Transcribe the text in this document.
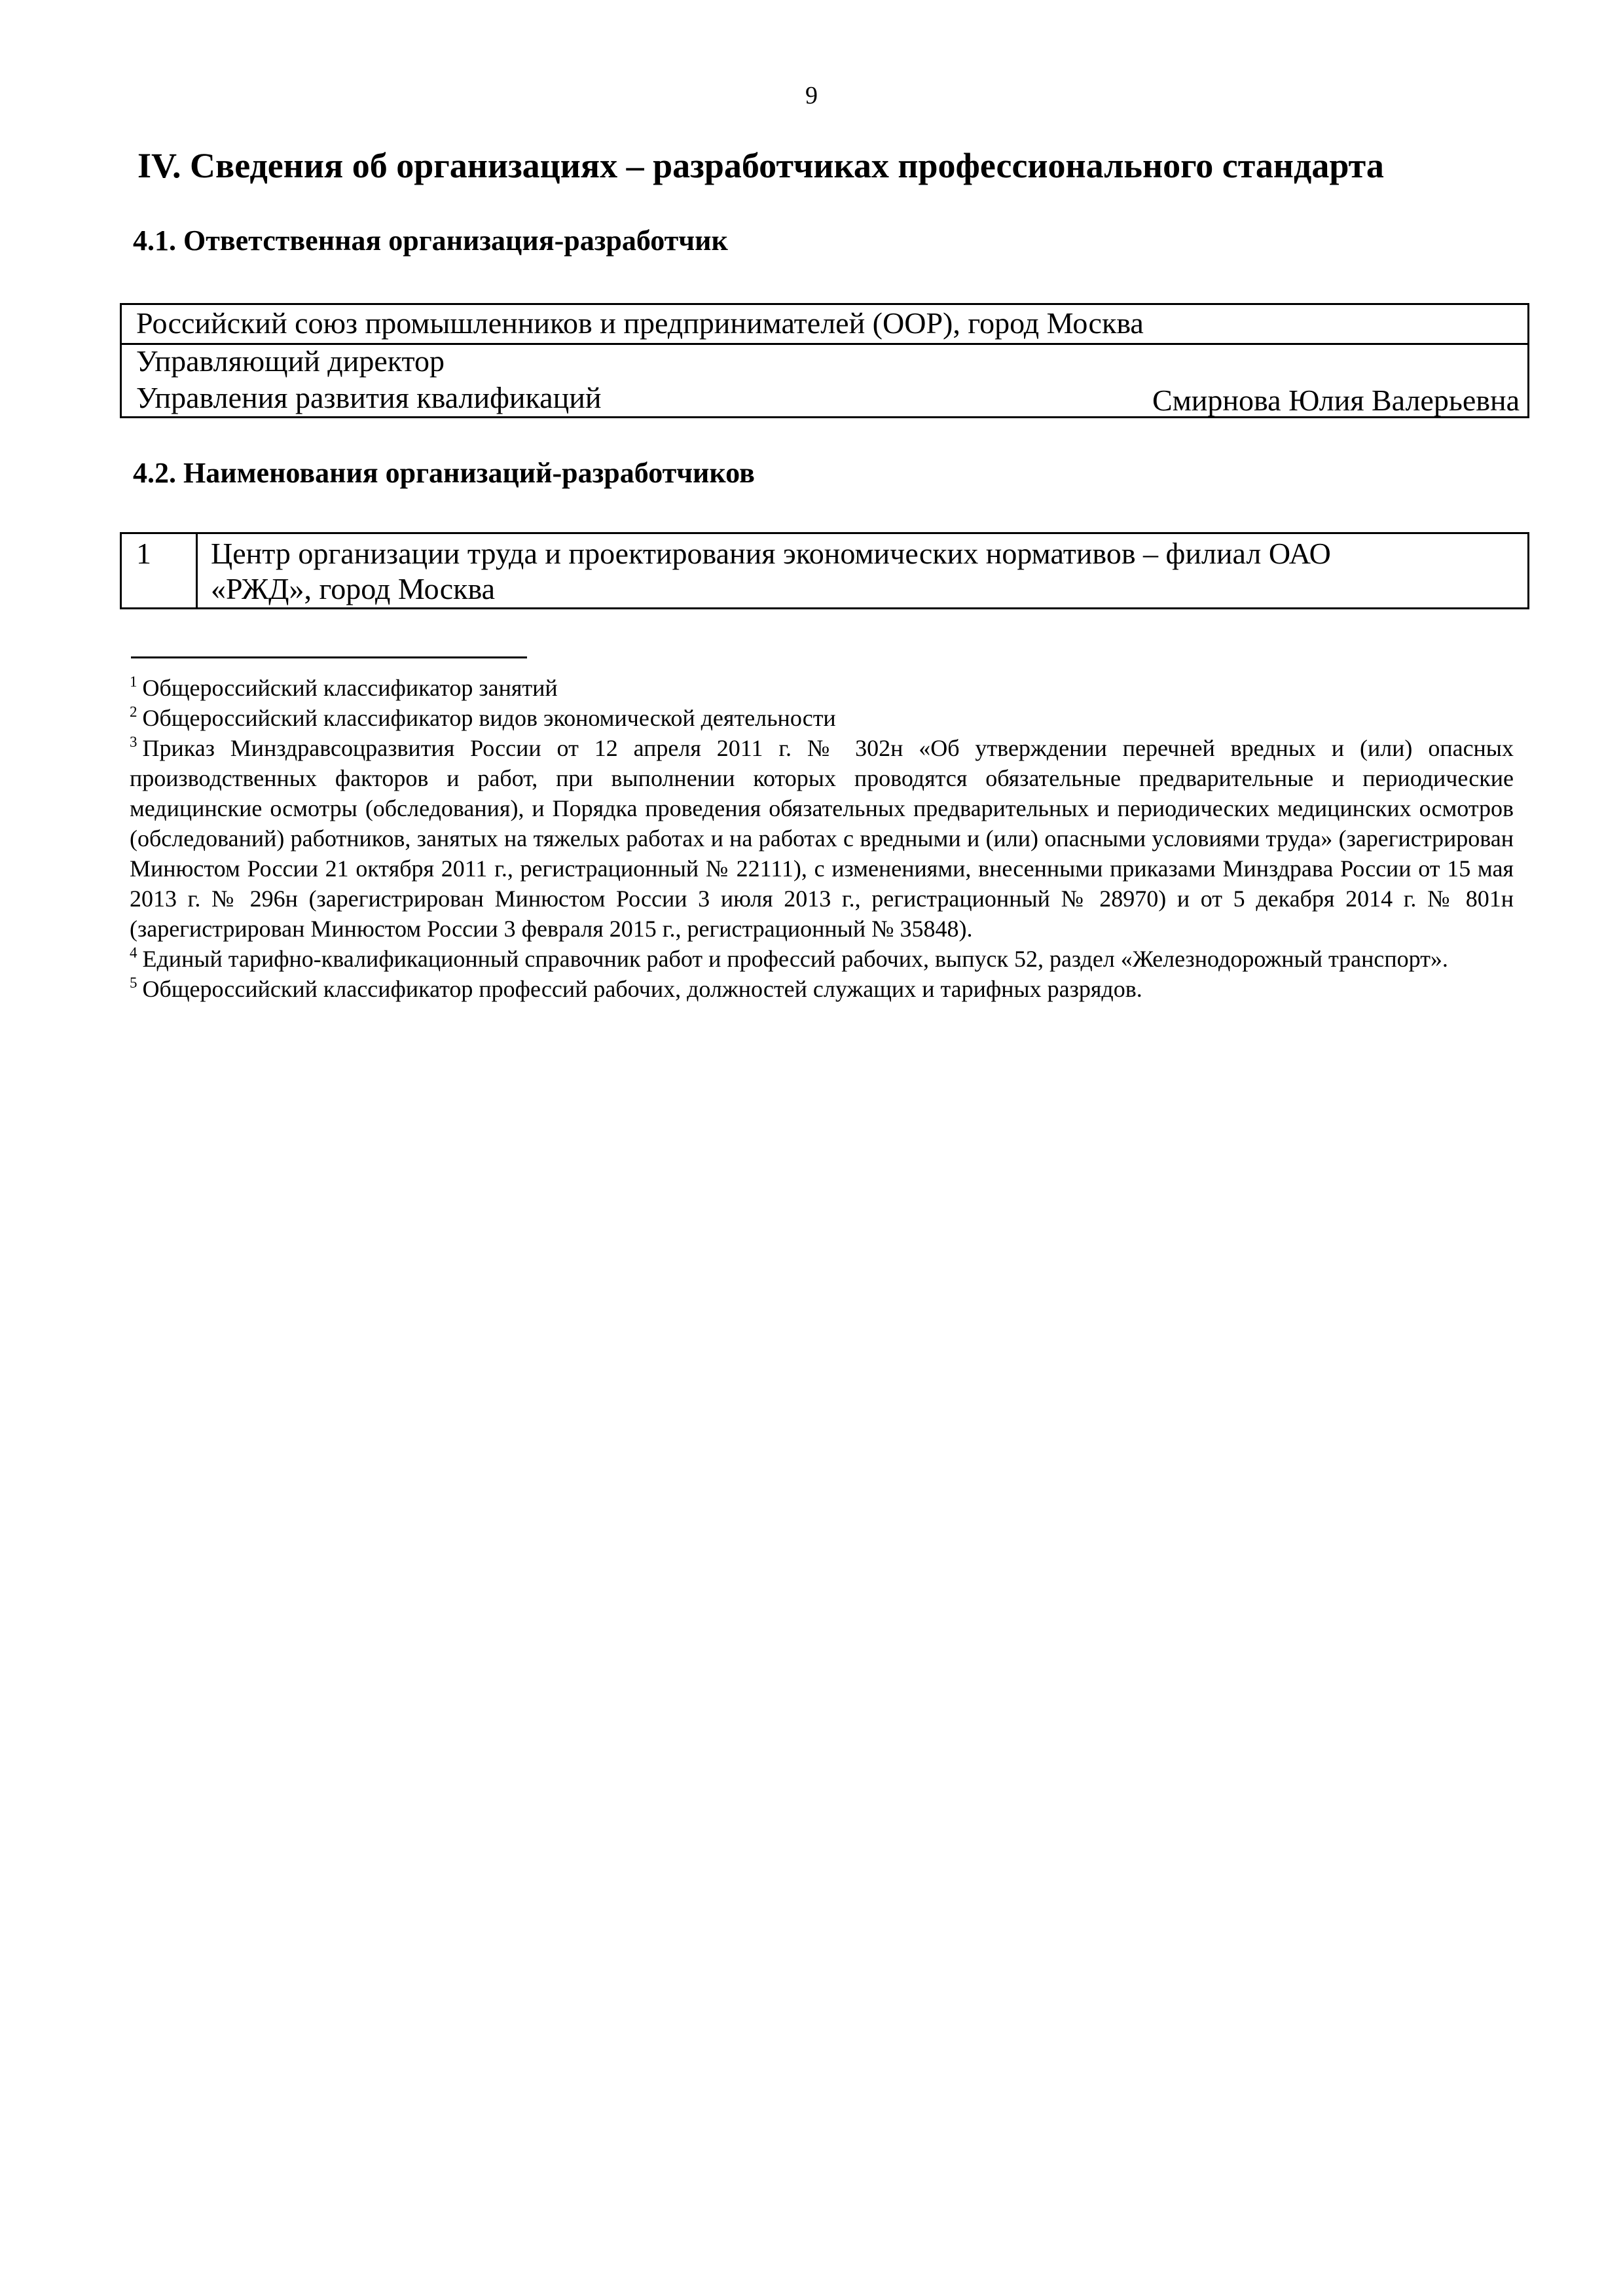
9
IV. Сведения об организациях – разработчиках профессионального стандарта
4.1. Ответственная организация-разработчик
Российский союз промышленников и предпринимателей (ООР), город Москва
Управляющий директор
Управления развития квалификаций	Смирнова Юлия Валерьевна
4.2. Наименования организаций-разработчиков
1 Центр организации труда и проектирования экономических нормативов – филиал ОАО
«РЖД», город Москва

$^1$ Общероссийский классификатор занятий

$^2$ Общероссийский классификатор видов экономической деятельности

$^3$ Приказ Минздравсоцразвития России от 12 апреля 2011 г. № 302н «Об утверждении перечней вредных и (или) опасных производственных факторов и работ, при выполнении которых проводятся обязательные предварительные и периодические медицинские осмотры (обследования), и Порядка проведения обязательных предварительных и периодических медицинских осмотров (обследований) работников, занятых на тяжелых работах и на работах с вредными и (или) опасными условиями труда» (зарегистрирован Минюстом России 21 октября 2011 г., регистрационный № 22111), с изменениями, внесенными приказами Минздрава России от 15 мая 2013 г. № 296н (зарегистрирован Минюстом России 3 июля 2013 г., регистрационный № 28970) и от 5 декабря 2014 г. № 801н (зарегистрирован Минюстом России 3 февраля 2015 г., регистрационный № 35848).

$^4$ Единый тарифно-квалификационный справочник работ и профессий рабочих, выпуск 52, раздел «Железнодорожный транспорт».

$^5$ Общероссийский классификатор профессий рабочих, должностей служащих и тарифных разрядов.
